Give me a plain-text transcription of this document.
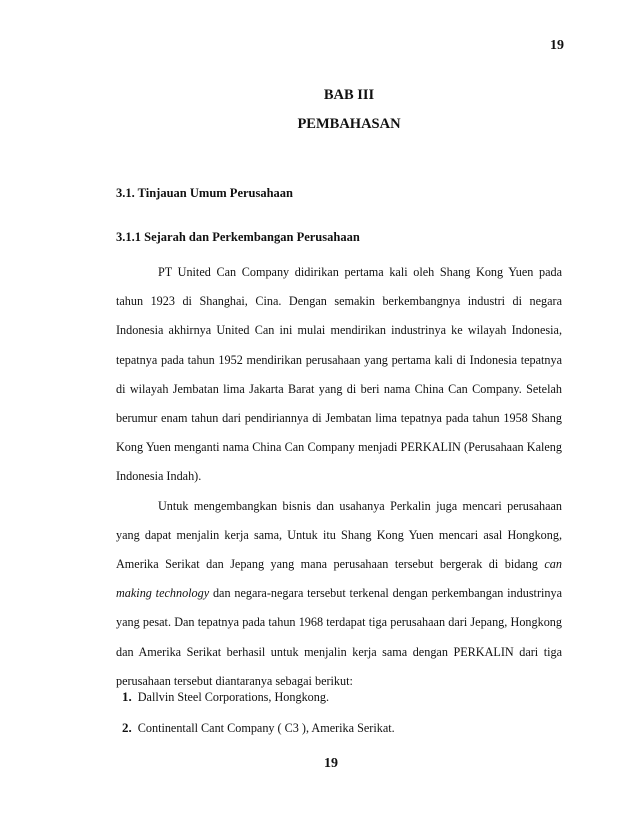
19
BAB III
PEMBAHASAN
3.1. Tinjauan Umum Perusahaan
3.1.1 Sejarah dan Perkembangan Perusahaan

PT United Can Company didirikan pertama kali oleh Shang Kong Yuen pada tahun 1923 di Shanghai, Cina. Dengan semakin berkembangnya industri di negara Indonesia akhirnya United Can ini mulai mendirikan industrinya ke wilayah Indonesia, tepatnya pada tahun 1952 mendirikan perusahaan yang pertama kali di Indonesia tepatnya di wilayah Jembatan lima Jakarta Barat yang di beri nama China Can Company. Setelah berumur enam tahun dari pendiriannya di Jembatan lima tepatnya pada tahun 1958 Shang Kong Yuen menganti nama China Can Company menjadi PERKALIN (Perusahaan Kaleng Indonesia Indah).

Untuk mengembangkan bisnis dan usahanya Perkalin juga mencari perusahaan yang dapat menjalin kerja sama, Untuk itu Shang Kong Yuen mencari asal Hongkong, Amerika Serikat dan Jepang yang mana perusahaan tersebut bergerak di bidang can making technology dan negara-negara tersebut terkenal dengan perkembangan industrinya yang pesat. Dan tepatnya pada tahun 1968 terdapat tiga perusahaan dari Jepang, Hongkong dan Amerika Serikat berhasil untuk menjalin kerja sama dengan PERKALIN dari tiga perusahaan tersebut diantaranya sebagai berikut:

1. Dallvin Steel Corporations, Hongkong.
2. Continentall Cant Company ( C3 ), Amerika Serikat.
19
